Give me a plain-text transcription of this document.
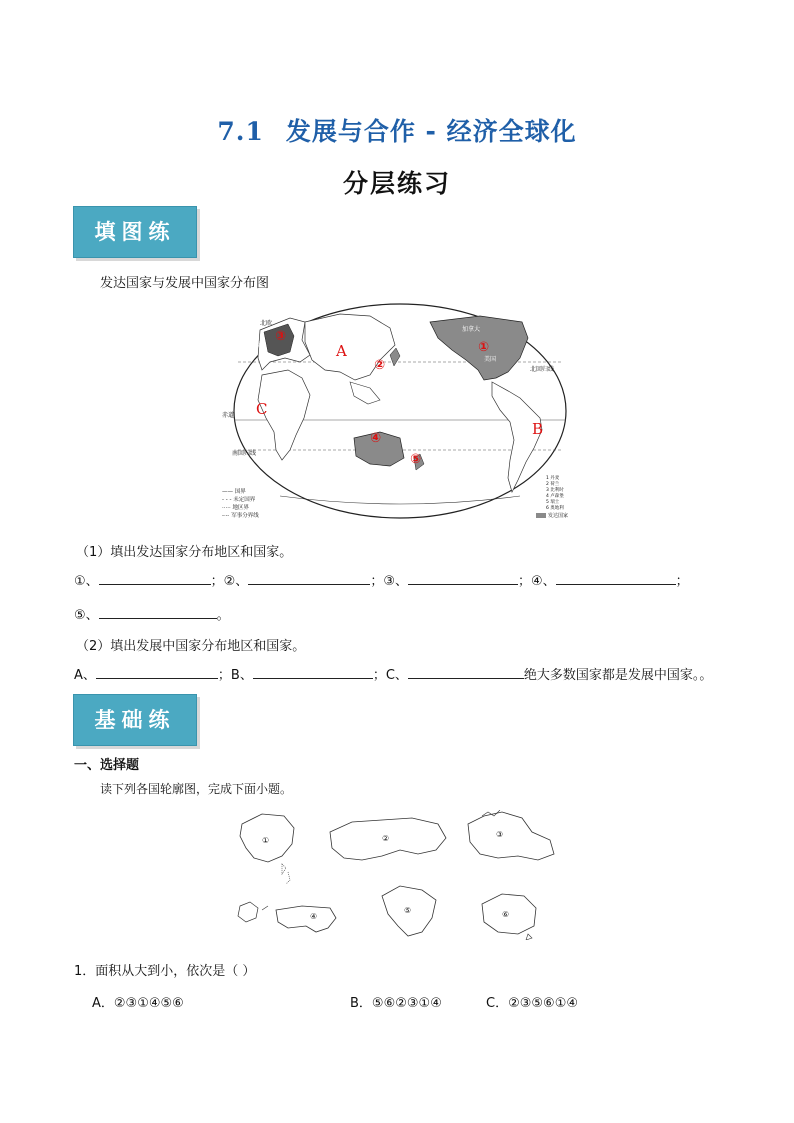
7.1 发展与合作 - 经济全球化
分层练习
填图练
发达国家与发展中国家分布图
③
②
①
④
⑤
A
B
C
赤道
北回归线
南回归线
加拿大
美国
北欧
西欧
—— 国界
- - - 未定国界
····· 地区界
-·-· 军事分界线
1 丹麦
2 荷兰
3 比利时
4 卢森堡
5 瑞士
6 奥地利
发达国家
（1）填出发达国家分布地区和国家。
①、	；②、	；③、	；④、	；
⑤、	。
（2）填出发展中国家分布地区和国家。
A、	；B、	；C、	绝大多数国家都是发展中国家。。
基础练
一、选择题
读下列各国轮廓图，完成下面小题。
①	②	③
④
⑤	⑥
1．面积从大到小，依次是（ ）
A．②③①④⑤⑥	B．⑤⑥②③①④	C．②③⑤⑥①④
